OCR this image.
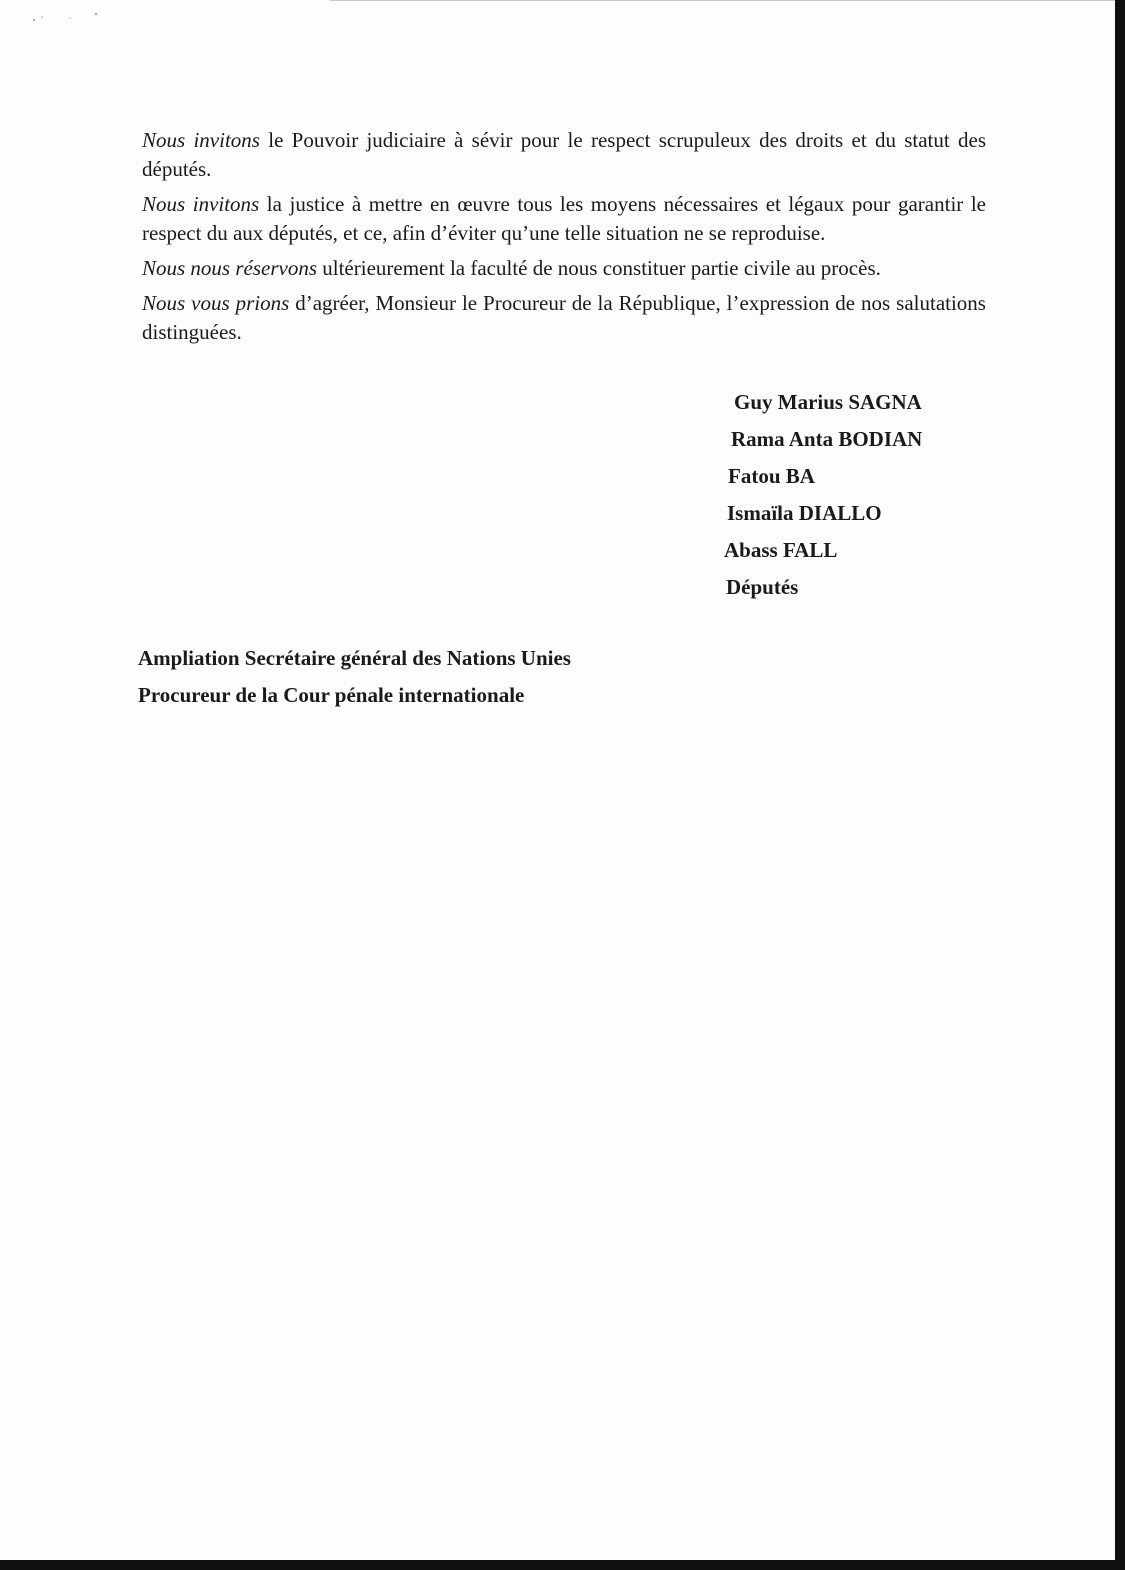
Nous invitons le Pouvoir judiciaire à sévir pour le respect scrupuleux des droits et du statut des députés.

Nous invitons la justice à mettre en œuvre tous les moyens nécessaires et légaux pour garantir le respect du aux députés, et ce, afin d’éviter qu’une telle situation ne se reproduise.

Nous nous réservons ultérieurement la faculté de nous constituer partie civile au procès.

Nous vous prions d’agréer, Monsieur le Procureur de la République, l’expression de nos salutations distinguées.

Guy Marius SAGNA
Rama Anta BODIAN
Fatou BA
Ismaïla DIALLO
Abass FALL
Députés
Ampliation Secrétaire général des Nations Unies
Procureur de la Cour pénale internationale
